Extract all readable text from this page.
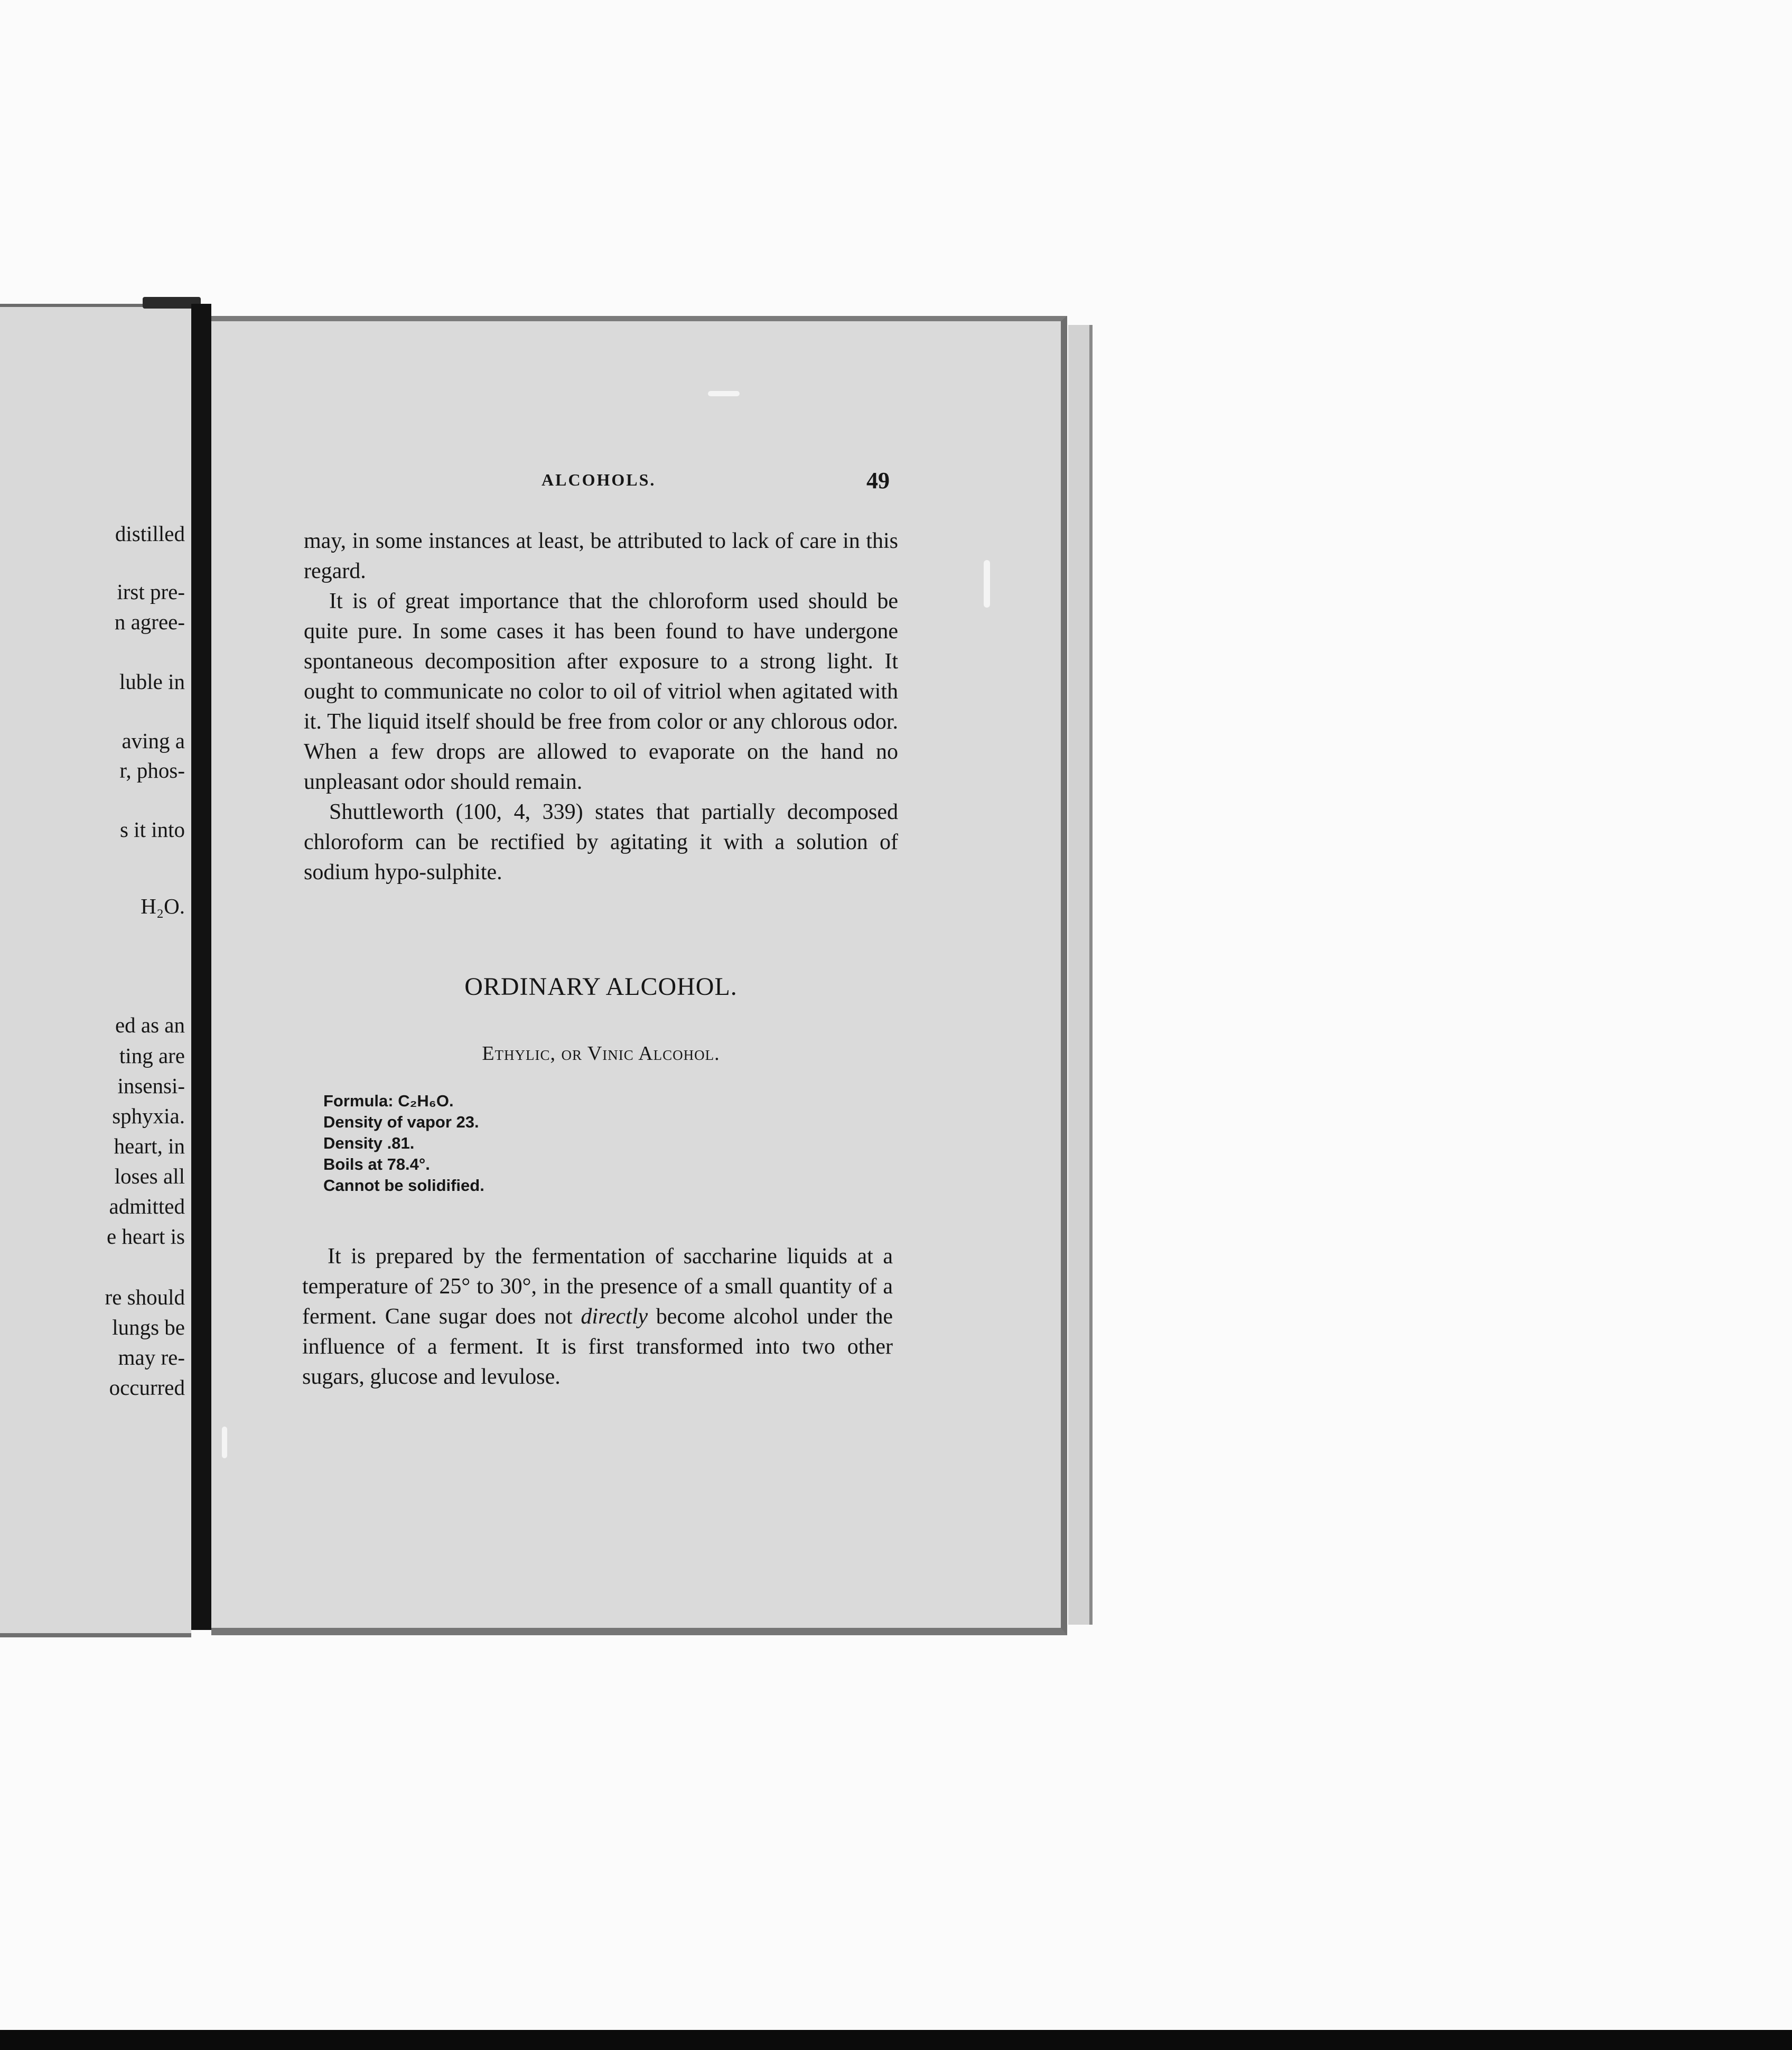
distilled
irst pre-
n agree-
luble in
aving a
r, phos-
s it into
H₂O.
ed as an
ting are
insensi-
sphyxia.
heart, in
loses all
admitted
e heart is
re should
lungs be
may re-
occurred
ALCOHOLS.	49

may, in some instances at least, be attributed to lack of care in this regard.

It is of great importance that the chloroform used should be quite pure. In some cases it has been found to have undergone spontaneous decomposition after exposure to a strong light. It ought to communicate no color to oil of vitriol when agitated with it. The liquid itself should be free from color or any chlorous odor. When a few drops are allowed to evaporate on the hand no unpleasant odor should remain.

Shuttleworth (100, 4, 339) states that partially decomposed chloroform can be rectified by agitating it with a solution of sodium hypo-sulphite.

ORDINARY ALCOHOL.
Ethylic, or Vinic Alcohol.
Formula: C₂H₆O.
Density of vapor 23.
Density .81.
Boils at 78.4°.
Cannot be solidified.

It is prepared by the fermentation of saccharine liquids at a temperature of 25° to 30°, in the presence of a small quantity of a ferment. Cane sugar does not directly become alcohol under the influence of a ferment. It is first transformed into two other sugars, glucose and levulose.
